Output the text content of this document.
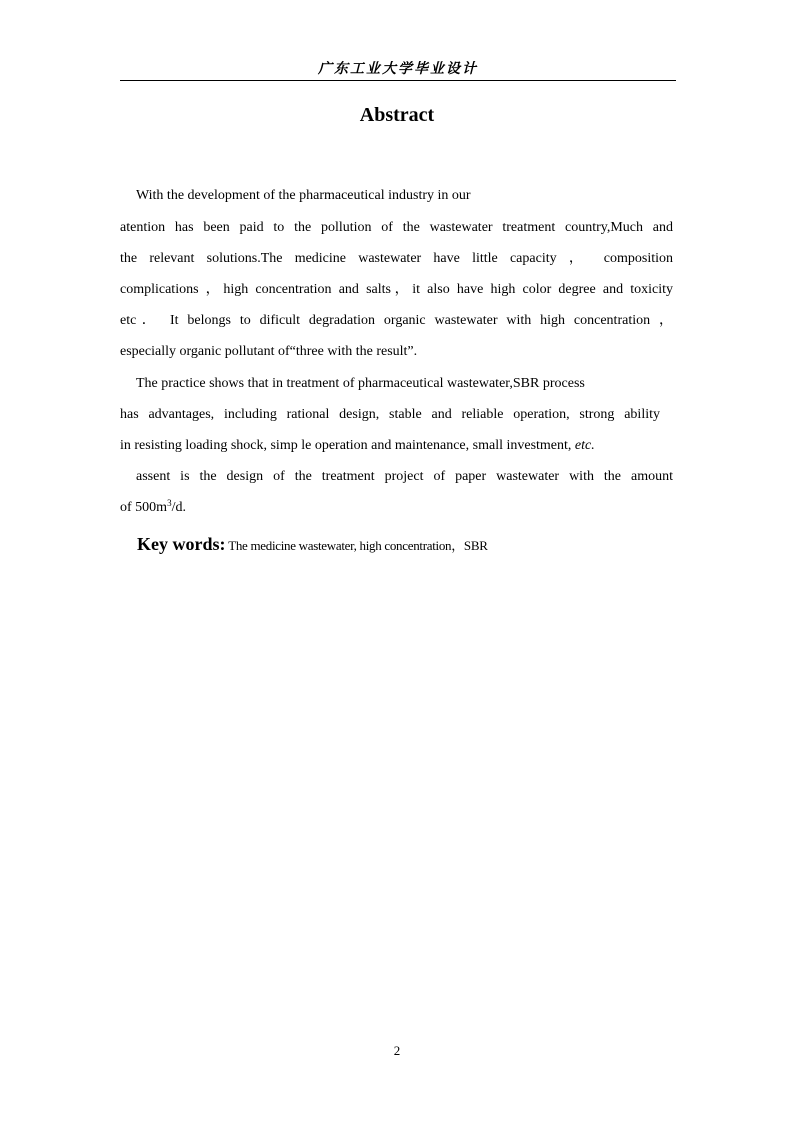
广东工业大学毕业设计
Abstract
With the development of the pharmaceutical industry in our
atention has been paid to the pollution of the wastewater treatment country,Much and
the relevant solutions.The medicine wastewater have little capacity ， composition
complications ，high concentration and salts，it also have high color degree and toxicity
etc． It belongs to dificult degradation organic wastewater with high concentration ，
especially organic pollutant of“three with the result”.
The practice shows that in treatment of pharmaceutical wastewater,SBR process
has advantages, including rational design, stable and reliable operation, strong ability
in resisting loading shock, simp le operation and maintenance, small investment, etc.
assent is the design of the treatment project of paper wastewater with the amount
of $500m^3/d$.
Key words: The medicine wastewater, high concentration，SBR
2
